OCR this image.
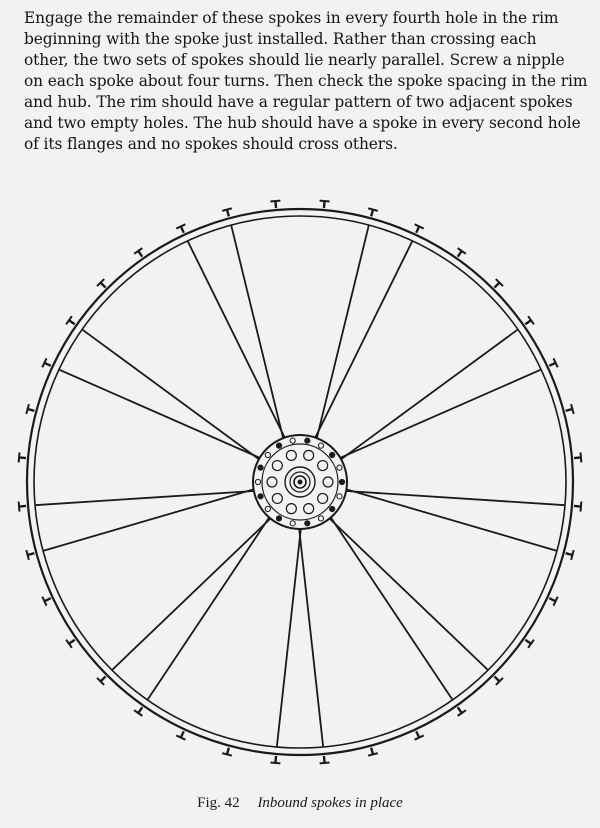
Engage the remainder of these spokes in every fourth hole in the rim
beginning with the spoke just installed. Rather than crossing each
other, the two sets of spokes should lie nearly parallel. Screw a nipple
on each spoke about four turns. Then check the spoke spacing in the rim
and hub. The rim should have a regular pattern of two adjacent spokes
and two empty holes. The hub should have a spoke in every second hole
of its flanges and no spokes should cross others.
Fig. 42 Inbound spokes in place
